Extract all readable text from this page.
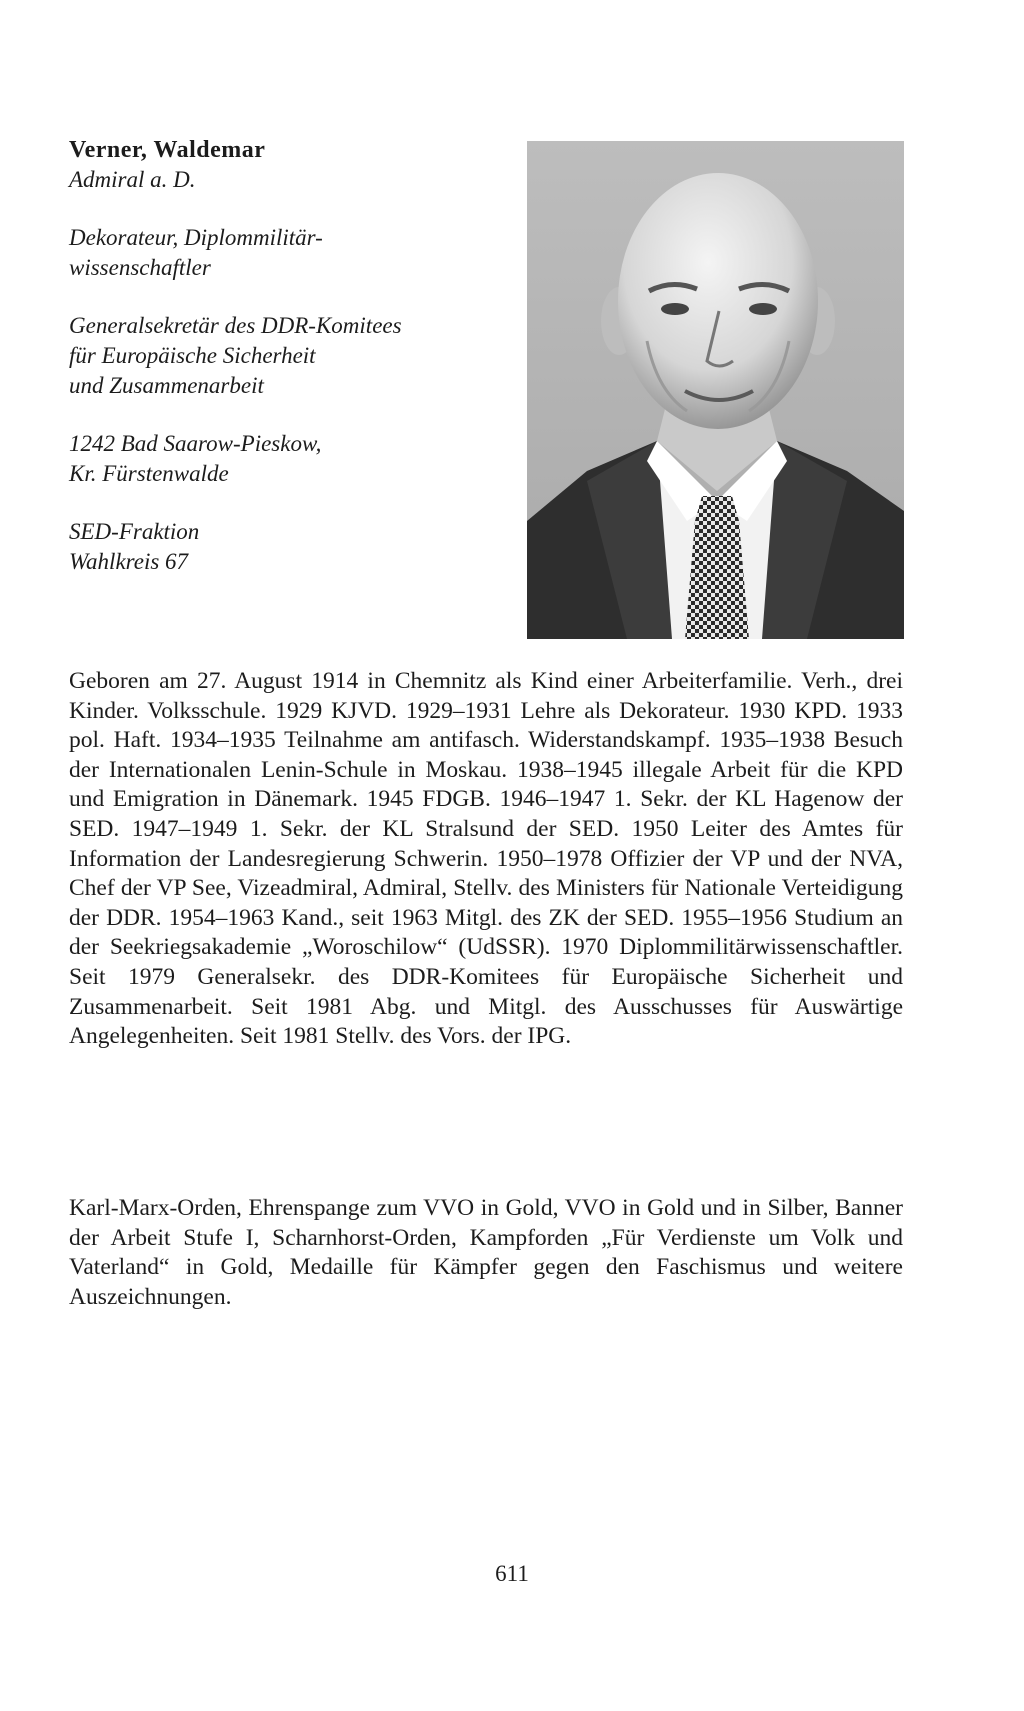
Verner, Waldemar

Admiral a. D.

Dekorateur, Diplommilitär-

wissenschaftler

Generalsekretär des DDR-Komitees

für Europäische Sicherheit

und Zusammenarbeit

1242 Bad Saarow-Pieskow,

Kr. Fürstenwalde

SED-Fraktion

Wahlkreis 67

Geboren am 27. August 1914 in Chemnitz als Kind einer Arbeiterfamilie. Verh., drei Kinder. Volksschule. 1929 KJVD. 1929–1931 Lehre als Dekorateur. 1930 KPD. 1933 pol. Haft. 1934–1935 Teilnahme am antifasch. Widerstandskampf. 1935–1938 Besuch der Internationalen Lenin-Schule in Moskau. 1938–1945 illegale Arbeit für die KPD und Emigration in Dänemark. 1945 FDGB. 1946–1947 1. Sekr. der KL Hagenow der SED. 1947–1949 1. Sekr. der KL Stralsund der SED. 1950 Leiter des Amtes für Information der Landesregierung Schwerin. 1950–1978 Offizier der VP und der NVA, Chef der VP See, Vizeadmiral, Admiral, Stellv. des Ministers für Nationale Verteidigung der DDR. 1954–1963 Kand., seit 1963 Mitgl. des ZK der SED. 1955–1956 Studium an der Seekriegsakademie „Woroschilow“ (UdSSR). 1970 Diplommilitärwissenschaftler. Seit 1979 Generalsekr. des DDR-Komitees für Europäische Sicherheit und Zusammenarbeit. Seit 1981 Abg. und Mitgl. des Ausschusses für Auswärtige Angelegenheiten. Seit 1981 Stellv. des Vors. der IPG.

Karl-Marx-Orden, Ehrenspange zum VVO in Gold, VVO in Gold und in Silber, Banner der Arbeit Stufe I, Scharnhorst-Orden, Kampforden „Für Verdienste um Volk und Vaterland“ in Gold, Medaille für Kämpfer gegen den Faschismus und weitere Auszeichnungen.

611
